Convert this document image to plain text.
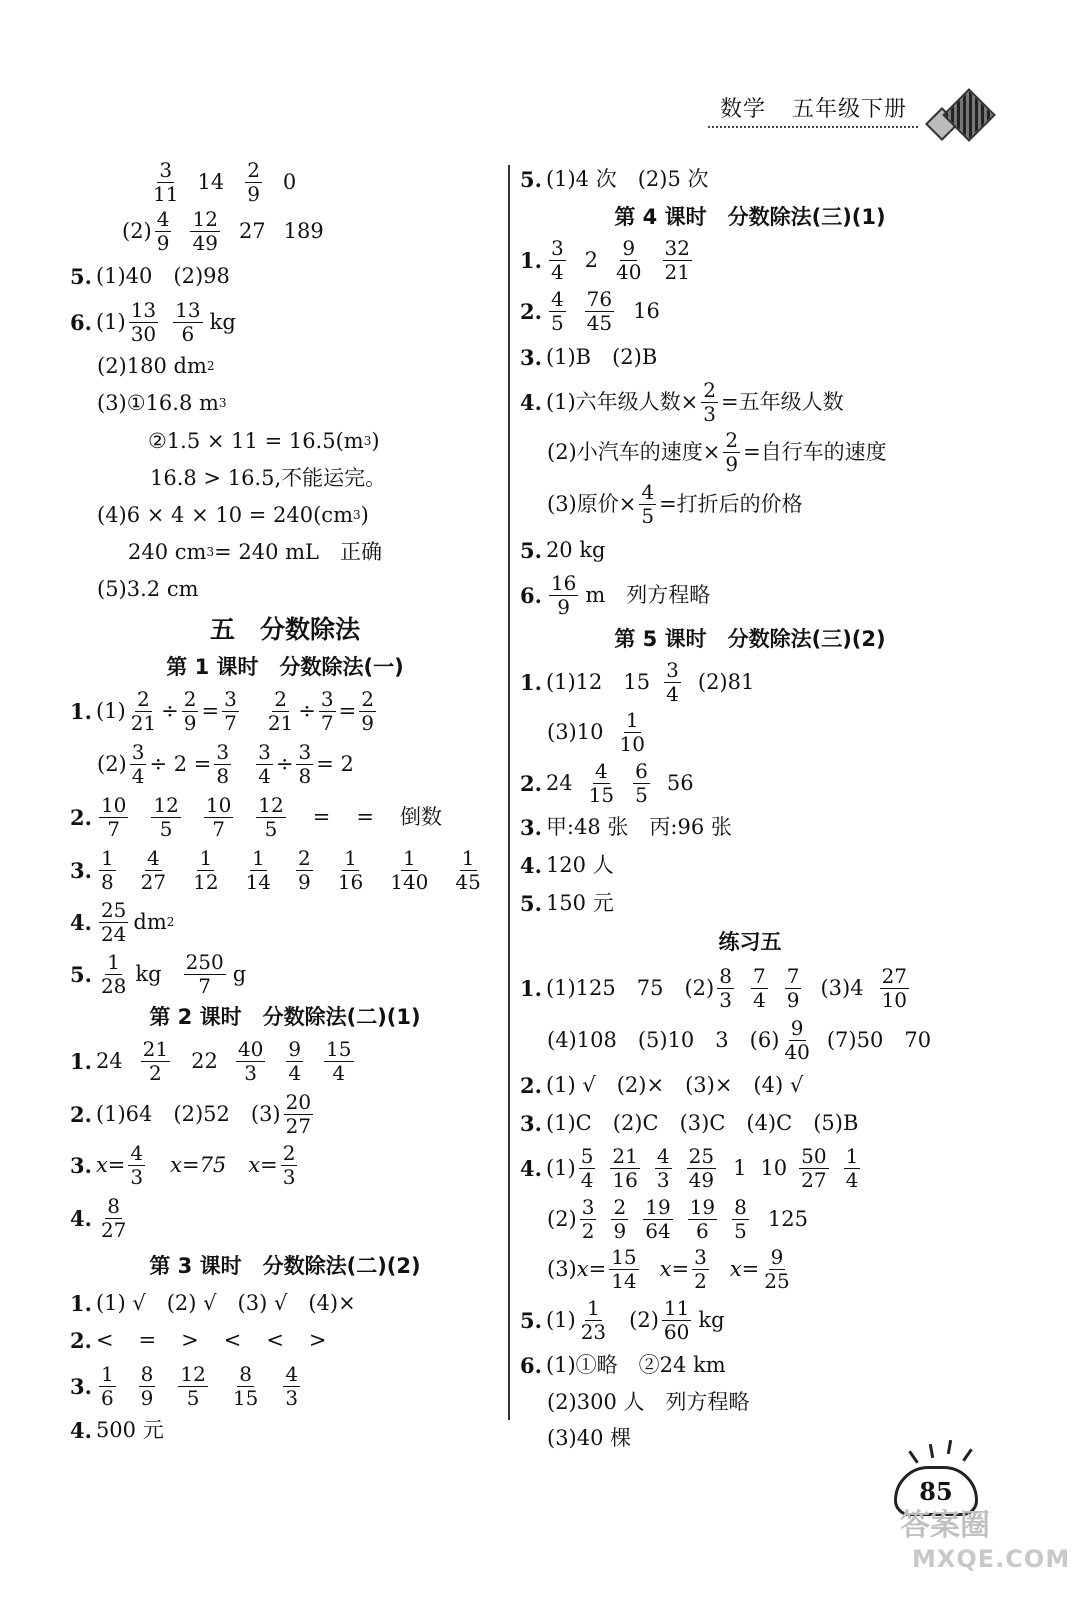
数学 五年级下册
$\frac{3}{11} 14 \frac{2}{9} 0$
$(2) \frac{4}{9} \frac{12}{49} 27$ 189
5. (1)40　(2)98
6. $(1) \frac{13}{30} \frac{13}{6}$ kg
(2)180 dm 2
(3)①16.8 m 3
②1.5 × 11 = 16.5(m 3 )
16.8 > 16.5,不能运完。
(4)6 × 4 × 10 = 240(cm 3 )
240 cm 3 = 240 mL　正确
(5)3.2 cm
五　分数除法
第 1 课时　分数除法(一)
1. $(1) \frac{2}{21} \div \frac{2}{9} = \frac{3}{7} \frac{2}{21} \div \frac{3}{7} = \frac{2}{9}$
$(2) \frac{3}{4} \div 2 = \frac{3}{8} \frac{3}{4} \div \frac{3}{8} = 2$
2. $\frac{10}{7} \frac{12}{5} \frac{10}{7} \frac{12}{5}$ = = 倒数
3. $\frac{1}{8} \frac{4}{27} \frac{1}{12} \frac{1}{14} \frac{2}{9} \frac{1}{16} \frac{1}{140} \frac{1}{45}$
4. $\frac{25}{24}$ dm 2
5. $\frac{1}{28}$ kg $\frac{250}{7}$ g
第 2 课时　分数除法(二)(1)
1. $24 \frac{21}{2} 22 \frac{40}{3} \frac{9}{4} \frac{15}{4}$
2. (1)64　(2)52　$(3) \frac{20}{27}$
3. $x= \frac{4}{3} x=75$ $x= \frac{2}{3}$
4. $\frac{8}{27}$
第 3 课时　分数除法(二)(2)
1. (1) √　(2) √　(3) √　(4)×
2. <　=　>　<　<　>
3. $\frac{1}{6} \frac{8}{9} \frac{12}{5} \frac{8}{15} \frac{4}{3}$
4. 500 元
5. (1)4 次　(2)5 次
第 4 课时　分数除法(三)(1)
1. $\frac{3}{4} 2 \frac{9}{40} \frac{32}{21}$
2. $\frac{4}{5} \frac{76}{45} 16$
3. (1)B　(2)B
4. (1)六年级人数× $\frac{2}{3}$ =五年级人数
(2)小汽车的速度× $\frac{2}{9}$ =自行车的速度
(3)原价× $\frac{4}{5}$ =打折后的价格
5. 20 kg
6. $\frac{16}{9}$ m　列方程略
第 5 课时　分数除法(三)(2)
1. (1)12　$15 \frac{3}{4} (2)81$
$(3)10 \frac{1}{10}$
2. $24 \frac{4}{15} \frac{6}{5} 56$
3. 甲:48 张　丙:96 张
4. 120 人
5. 150 元
练习五
1. (1)125　75　$(2) \frac{8}{3} \frac{7}{4} \frac{7}{9} (3)4 \frac{27}{10}$
(4)108　(5)10　3　$(6) \frac{9}{40} (7)50$　70
2. (1) √　(2)×　(3)×　(4) √
3. (1)C　(2)C　(3)C　(4)C　(5)B
4. $(1) \frac{5}{4} \frac{21}{16} \frac{4}{3} \frac{25}{49} 1$ $10 \frac{50}{27} \frac{1}{4}$
$(2) \frac{3}{2} \frac{2}{9} \frac{19}{64} \frac{19}{6} \frac{8}{5} 125$
(3) $x= \frac{15}{14} x= \frac{3}{2} x= \frac{9}{25}$
5. $(1) \frac{1}{23} (2) \frac{11}{60}$ kg
6. (1)①略　②24 km
(2)300 人　列方程略
(3)40 棵
85
答案圈
MXQE.COM
